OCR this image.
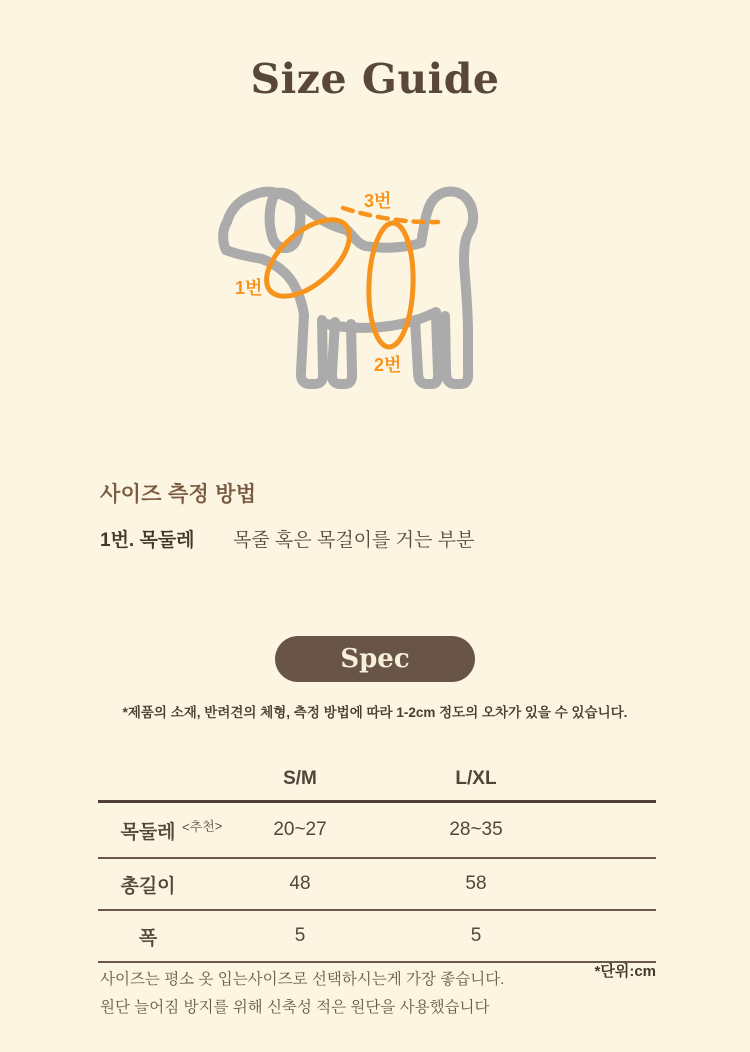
Size Guide
1번
2번
3번
사이즈 측정 방법
1번. 목둘레 목줄 혹은 목걸이를 거는 부분
Spec
*제품의 소재, 반려견의 체형, 측정 방법에 따라 1-2cm 정도의 오차가 있을 수 있습니다.
	S/M	L/XL	
목둘레 <추천>	20~27	28~35	
총길이	48	58	
폭	5	5	
*단위:cm
사이즈는 평소 옷 입는사이즈로 선택하시는게 가장 좋습니다.
원단 늘어짐 방지를 위해 신축성 적은 원단을 사용했습니다
